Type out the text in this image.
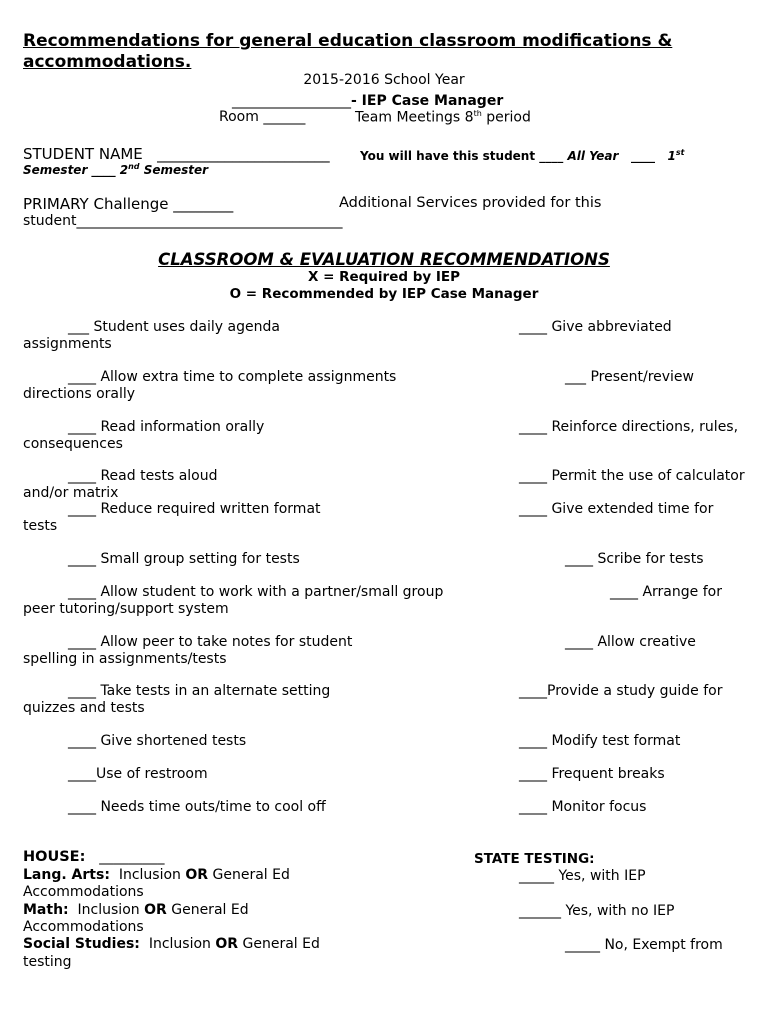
Recommendations for general education classroom modifications &
accommodations.
2015-2016 School Year
_________________- IEP Case Manager
Room ______	Team Meetings 8th period
STUDENT NAME _______________________	You will have this student ____ All Year ____ 1st
Semester ____ 2nd Semester
PRIMARY Challenge ________	Additional Services provided for this
student______________________________________
CLASSROOM & EVALUATION RECOMMENDATIONS
X = Required by IEP
O = Recommended by IEP Case Manager
___ Student uses daily agenda	____ Give abbreviated
assignments
____ Allow extra time to complete assignments	___ Present/review
directions orally
____ Read information orally	____ Reinforce directions, rules,
consequences
____ Read tests aloud	____ Permit the use of calculator
and/or matrix
____ Reduce required written format	____ Give extended time for
tests
____ Small group setting for tests	____ Scribe for tests
____ Allow student to work with a partner/small group	____ Arrange for
peer tutoring/support system
____ Allow peer to take notes for student	____ Allow creative
spelling in assignments/tests
____ Take tests in an alternate setting	____Provide a study guide for
quizzes and tests
____ Give shortened tests	____ Modify test format
____Use of restroom	____ Frequent breaks
____ Needs time outs/time to cool off	____ Monitor focus
HOUSE: _________	STATE TESTING:
Lang. Arts: Inclusion OR General Ed	_____ Yes, with IEP
Accommodations
Math: Inclusion OR General Ed	______ Yes, with no IEP
Accommodations
Social Studies: Inclusion OR General Ed	_____ No, Exempt from
testing
